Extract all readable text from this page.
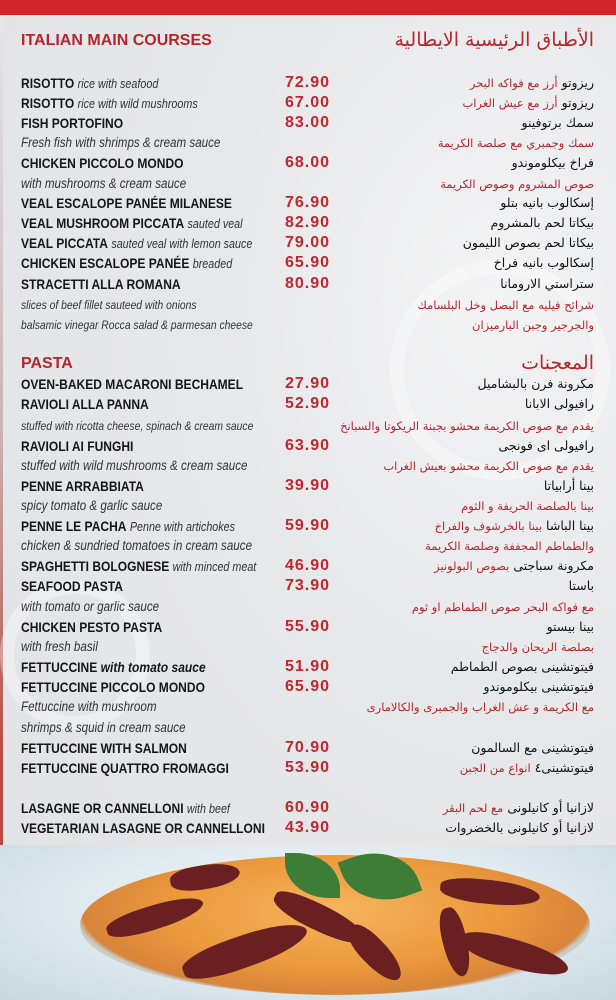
ITALIAN MAIN COURSES	الأطباق الرئيسية الايطالية
PASTA	المعجنات
RISOTTO rice with seafood	72.90	ريزوتو أرز مع فواكه البحر
RISOTTO rice with wild mushrooms	67.00	ريزوتو أرز مع عيش الغراب
FISH PORTOFINO	83.00	سمك برتوفينو
Fresh fish with shrimps & cream sauce	سمك وجمبري مع صلصة الكريمة
CHICKEN PICCOLO MONDO	68.00	فراخ بيكلوموندو
with mushrooms & cream sauce	صوص المشروم وصوص الكريمة
VEAL ESCALOPE PANÉE MILANESE	76.90	إسكالوب بانيه بتلو
VEAL MUSHROOM PICCATA sauted veal	82.90	بيكاتا لحم بالمشروم
VEAL PICCATA sauted veal with lemon sauce 79.00	بيكاتا لحم بصوص الليمون
CHICKEN ESCALOPE PANÉE breaded	65.90	إسكالوب بانيه فراخ
STRACETTI ALLA ROMANA	80.90	ستراستي الارومانا
slices of beef fillet sauteed with onions	شرائح فيليه مع البصل وخل البلسامك
balsamic vinegar Rocca salad & parmesan cheese	والجرجير وجبن البارميزان
OVEN-BAKED MACARONI BECHAMEL	27.90	مكرونة فرن بالبشاميل
RAVIOLI ALLA PANNA	52.90	رافيولى الابانا
stuffed with ricotta cheese, spinach & cream sauce	يقدم مع صوص الكريمة محشو بجبنة الريكوتا والسبانخ
RAVIOLI AI FUNGHI	63.90	رافيولى اى فونجى
stuffed with wild mushrooms & cream sauce	يقدم مع صوص الكريمة محشو بعيش الغراب
PENNE ARRABBIATA	39.90	بينا أرابياتا
spicy tomato & garlic sauce	بينا بالصلصة الحريفة و الثوم
PENNE LE PACHA Penne with artichokes	59.90	بينا الباشا بينا بالخرشوف والفراخ
chicken & sundried tomatoes in cream sauce	والطماطم المجففة وصلصة الكريمة
SPAGHETTI BOLOGNESE with minced meat 46.90	مكرونة سباجتى بصوص البولونيز
SEAFOOD PASTA	73.90	باستا
with tomato or garlic sauce	مع فواكه البحر صوص الطماطم او ثوم
CHICKEN PESTO PASTA	55.90	بينا بيستو
with fresh basil	بصلصة الريحان والدجاج
FETTUCCINE with tomato sauce	51.90	فيتوتشينى بصوص الطماطم
FETTUCCINE PICCOLO MONDO	65.90	فيتوتشينى بيكلوموندو
Fettuccine with mushroom	مع الكريمة و عش الغراب والجمبرى والكالامارى
shrimps & squid in cream sauce
FETTUCCINE WITH SALMON	70.90	فيتوتشينى مع السالمون
FETTUCCINE QUATTRO FROMAGGI	53.90	فيتوتشينى٤ انواع من الجبن
LASAGNE OR CANNELLONI with beef	60.90	لازانيا أو كانيلونى مع لحم البقر
VEGETARIAN LASAGNE OR CANNELLONI 43.90	لازانيا أو كانيلونى بالخضروات
